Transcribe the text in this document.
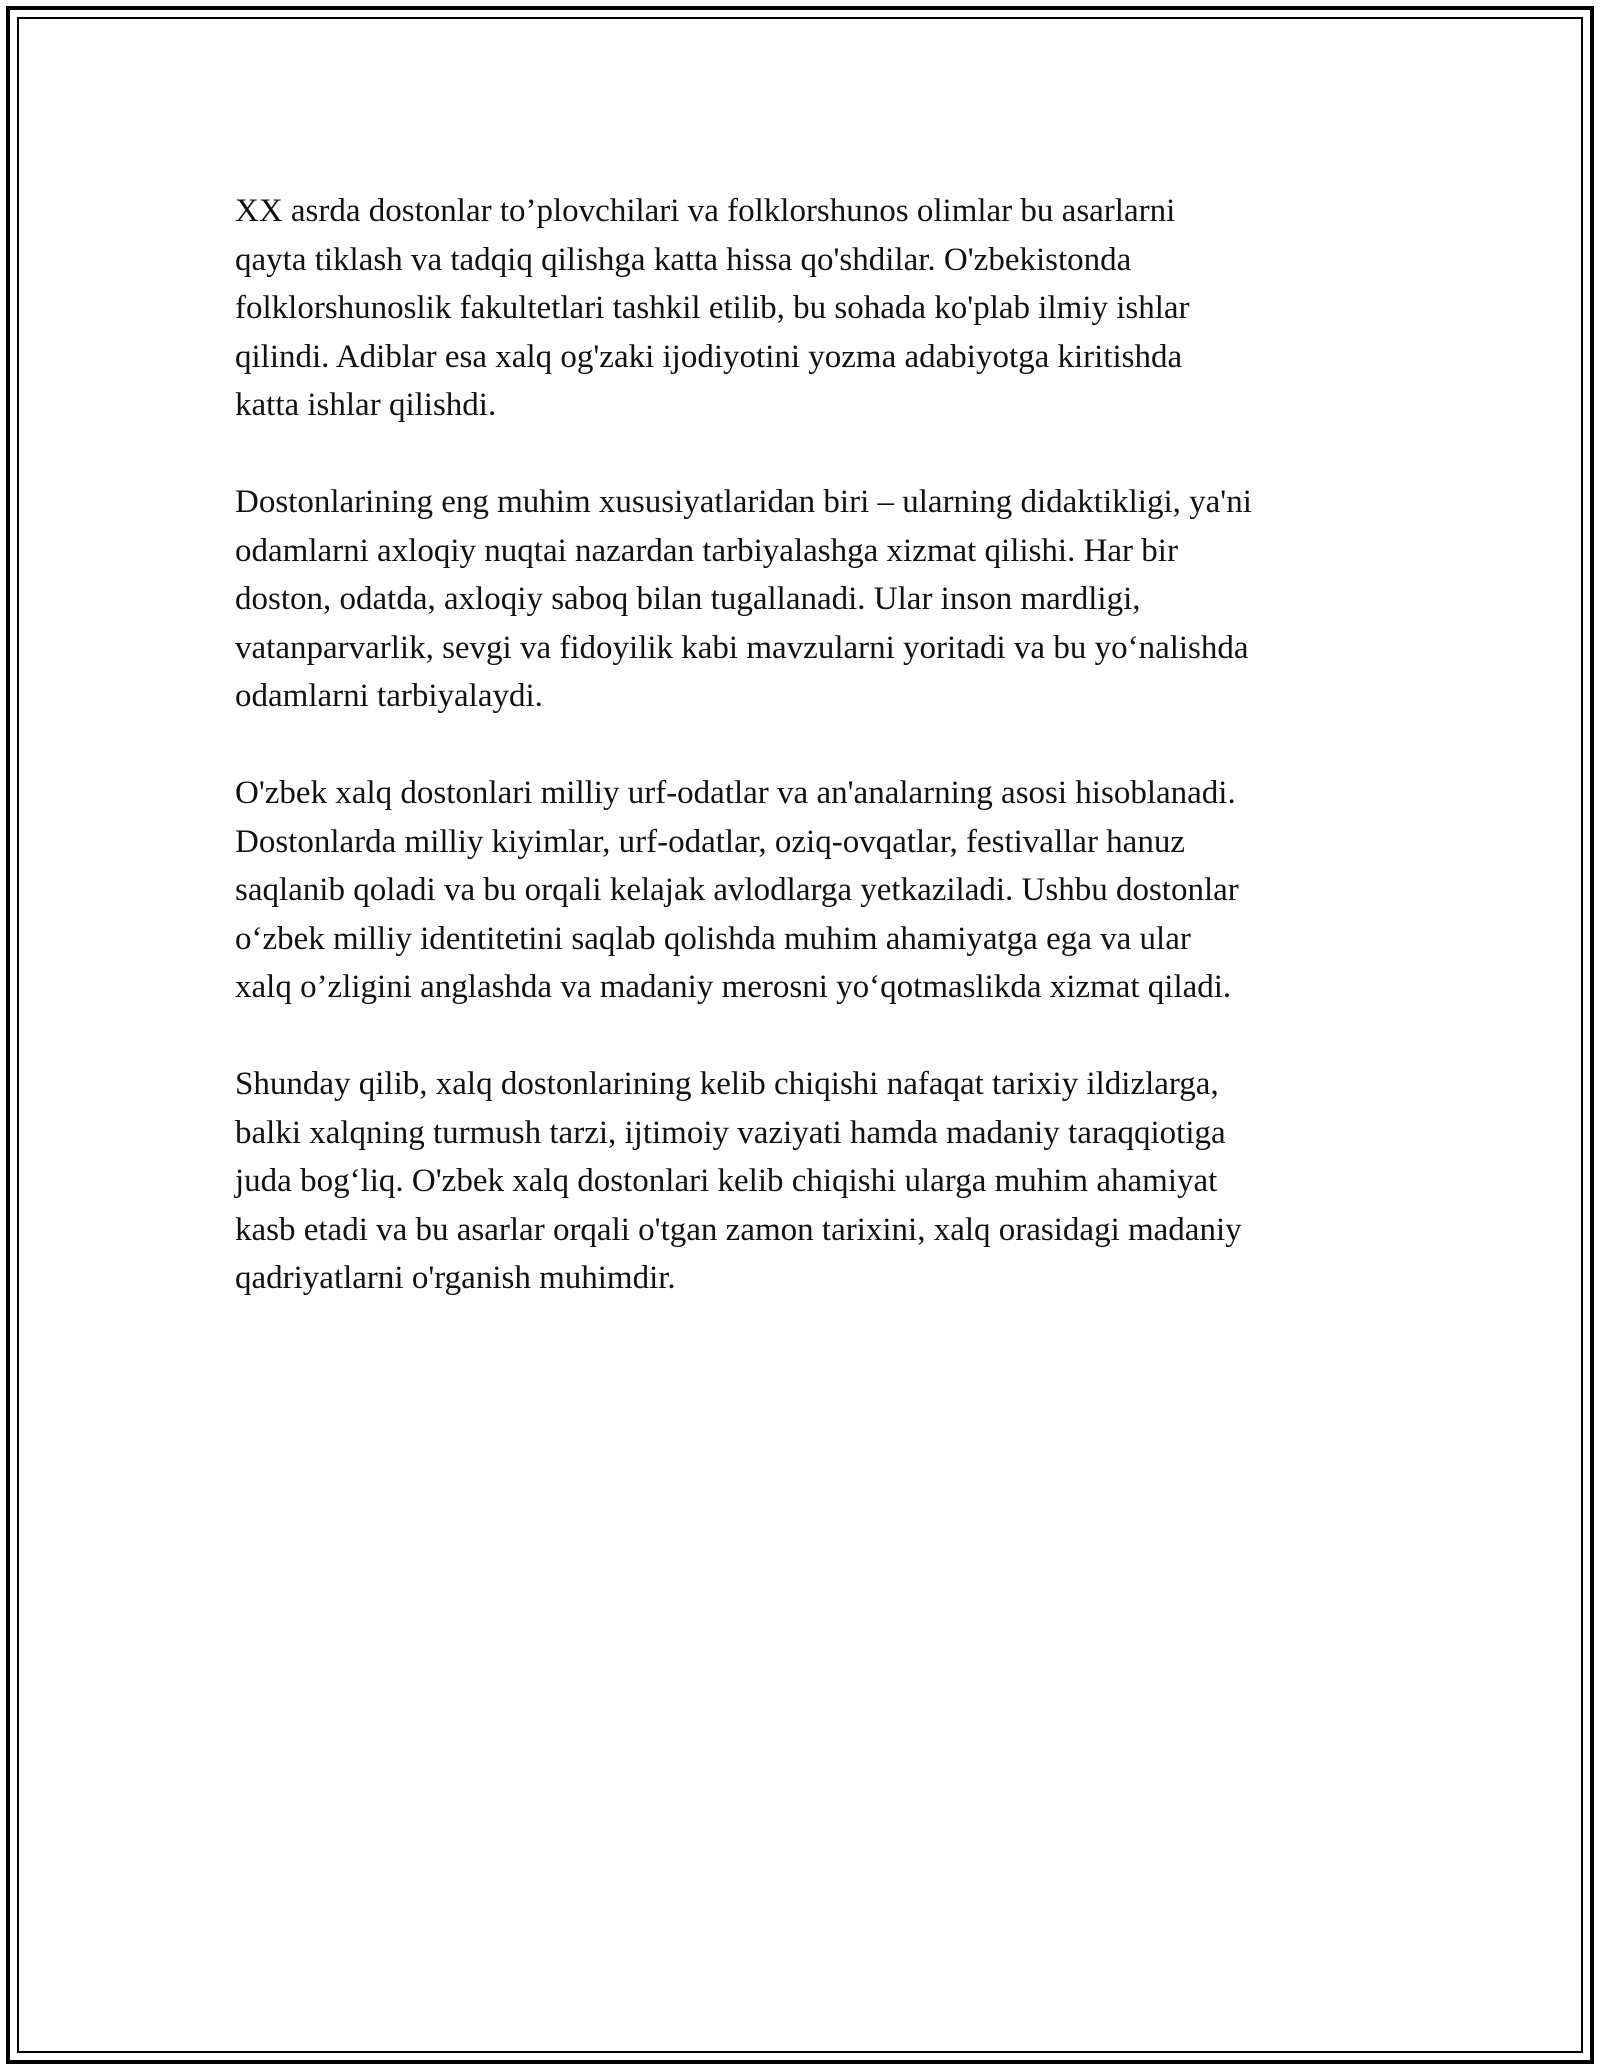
XX asrda dostonlar to’plovchilari va folklorshunos olimlar bu asarlarni
qayta tiklash va tadqiq qilishga katta hissa qo'shdilar. O'zbekistonda
folklorshunoslik fakultetlari tashkil etilib, bu sohada ko'plab ilmiy ishlar
qilindi. Adiblar esa xalq og'zaki ijodiyotini yozma adabiyotga kiritishda
katta ishlar qilishdi.

Dostonlarining eng muhim xususiyatlaridan biri – ularning didaktikligi, ya'ni
odamlarni axloqiy nuqtai nazardan tarbiyalashga xizmat qilishi. Har bir
doston, odatda, axloqiy saboq bilan tugallanadi. Ular inson mardligi,
vatanparvarlik, sevgi va fidoyilik kabi mavzularni yoritadi va bu yo‘nalishda
odamlarni tarbiyalaydi.

O'zbek xalq dostonlari milliy urf-odatlar va an'analarning asosi hisoblanadi.
Dostonlarda milliy kiyimlar, urf-odatlar, oziq-ovqatlar, festivallar hanuz
saqlanib qoladi va bu orqali kelajak avlodlarga yetkaziladi. Ushbu dostonlar
o‘zbek milliy identitetini saqlab qolishda muhim ahamiyatga ega va ular
xalq o’zligini anglashda va madaniy merosni yo‘qotmaslikda xizmat qiladi.

Shunday qilib, xalq dostonlarining kelib chiqishi nafaqat tarixiy ildizlarga,
balki xalqning turmush tarzi, ijtimoiy vaziyati hamda madaniy taraqqiotiga
juda bog‘liq. O'zbek xalq dostonlari kelib chiqishi ularga muhim ahamiyat
kasb etadi va bu asarlar orqali o'tgan zamon tarixini, xalq orasidagi madaniy
qadriyatlarni o'rganish muhimdir.
